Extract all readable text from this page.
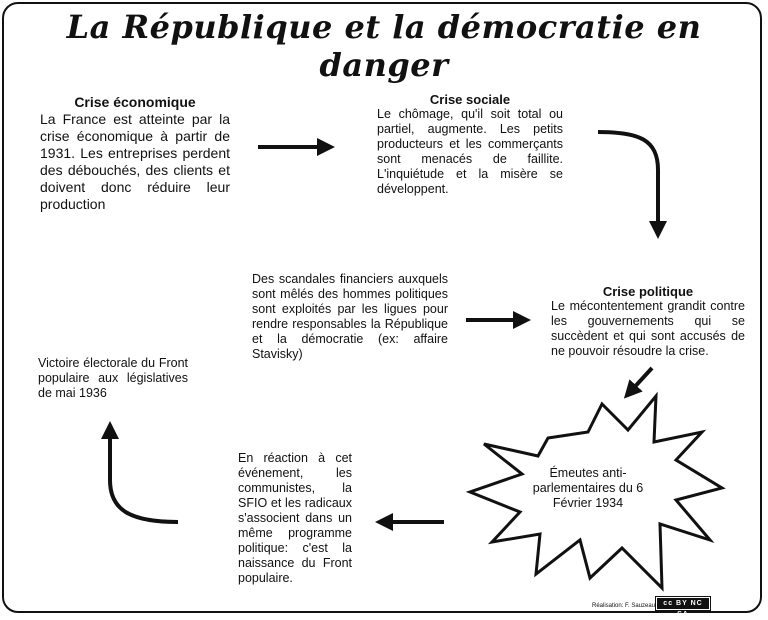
La République et la démocratie en danger
Crise économique
La France est atteinte par la crise économique à partir de 1931. Les entreprises perdent des débouchés, des clients et doivent donc réduire leur production
Crise sociale
Le chômage, qu'il soit total ou partiel, augmente. Les petits producteurs et les commerçants sont menacés de faillite. L'inquiétude et la misère se développent.
Des scandales financiers auxquels sont mêlés des hommes politiques sont exploités par les ligues pour rendre responsables la République et la démocratie (ex: affaire Stavisky)
Crise politique
Le mécontentement grandit contre les gouvernements qui se succèdent et qui sont accusés de ne pouvoir résoudre la crise.
Victoire électorale du Front populaire aux législatives de mai 1936
En réaction à cet événement, les communistes, la SFIO et les radicaux s'associent dans un même programme politique: c'est la naissance du Front populaire.
Émeutes anti-parlementaires du 6 Février 1934
Réalisation: F. Sauzeau	cc BY NC SA
